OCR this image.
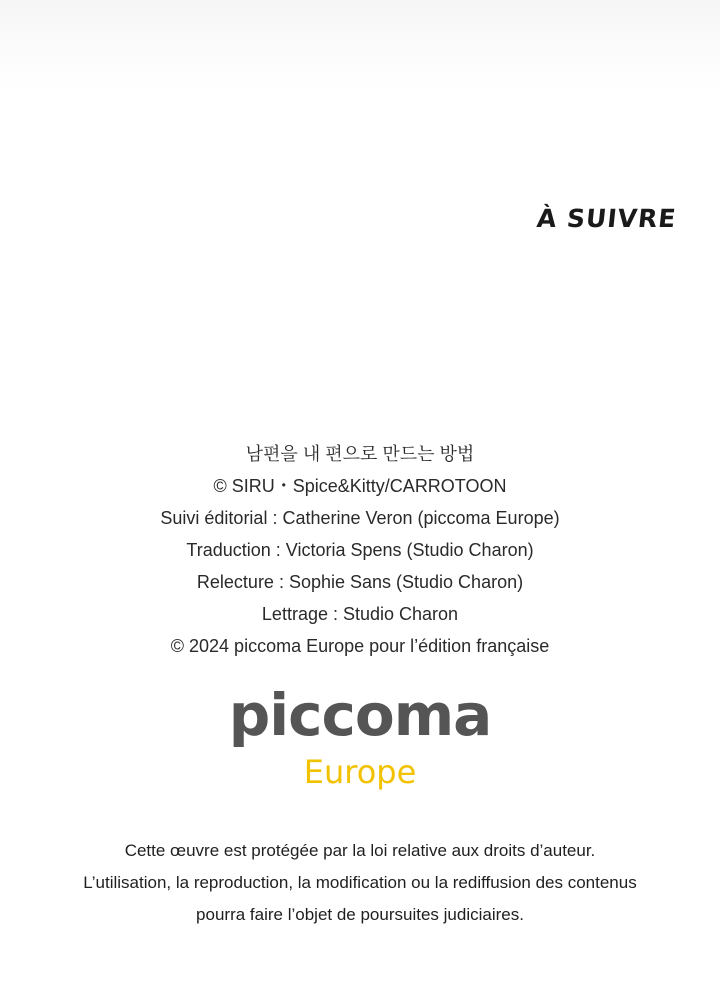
À SUIVRE
남편을 내 편으로 만드는 방법
© SIRU・Spice&Kitty/CARROTOON
Suivi éditorial : Catherine Veron (piccoma Europe)
Traduction : Victoria Spens (Studio Charon)
Relecture : Sophie Sans (Studio Charon)
Lettrage : Studio Charon
© 2024 piccoma Europe pour l’édition française
piccoma
Europe
Cette œuvre est protégée par la loi relative aux droits d’auteur.
L’utilisation, la reproduction, la modification ou la rediffusion des contenus
pourra faire l’objet de poursuites judiciaires.
